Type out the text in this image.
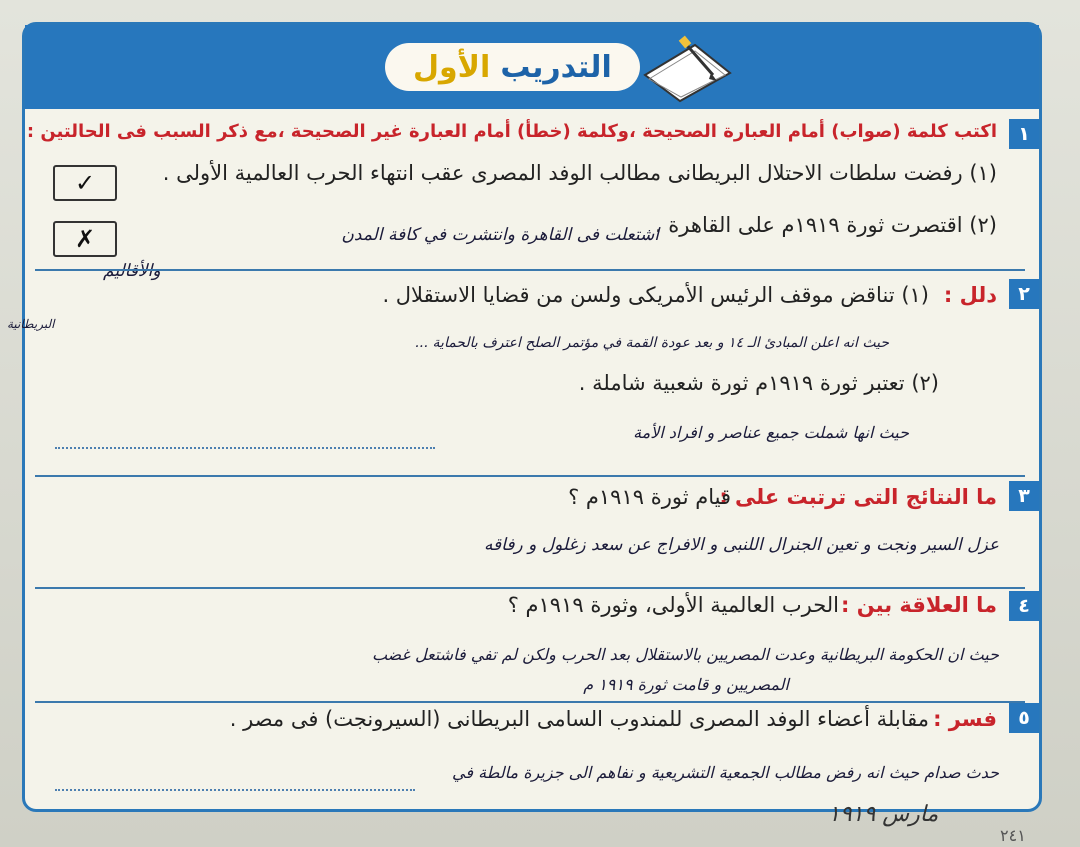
التدريب
الأول
١
اكتب كلمة (صواب) أمام العبارة الصحيحة ،وكلمة (خطأ) أمام العبارة غير الصحيحة ،مع ذكر السبب فى الحالتين :
(١) رفضت سلطات الاحتلال البريطانى مطالب الوفد المصرى عقب انتهاء الحرب العالمية الأولى .
✓
(٢) اقتصرت ثورة ١٩١٩م على القاهرة .
✗	اشتعلت فى القاهرة وانتشرت في كافة المدن
والأقاليم
٢
دلل :
(١) تناقض موقف الرئيس الأمريكى ولسن من قضايا الاستقلال .
حيث انه اعلن المبادئ الـ ١٤ و بعد عودة القمة في مؤتمر الصلح اعترف بالحماية ...
البريطانية
(٢) تعتبر ثورة ١٩١٩م ثورة شعبية شاملة .
حيث انها شملت جميع عناصر و افراد الأمة
٣
ما النتائج التى ترتبت على :
قيام ثورة ١٩١٩م ؟
عزل السير ونجت و تعين الجنرال اللنبى و الافراج عن سعد زغلول و رفاقه
٤
ما العلاقة بين :
الحرب العالمية الأولى، وثورة ١٩١٩م ؟
حيث ان الحكومة البريطانية وعدت المصريين بالاستقلال بعد الحرب ولكن لم تفي فاشتعل غضب
المصريين و قامت ثورة ١٩١٩ م
٥
فسر :
مقابلة أعضاء الوفد المصرى للمندوب السامى البريطانى (السيرونجت) فى مصر .
حدث صدام حيث انه رفض مطالب الجمعية التشريعية و نفاهم الى جزيرة مالطة في
مارس ١٩١٩
٢٤١
